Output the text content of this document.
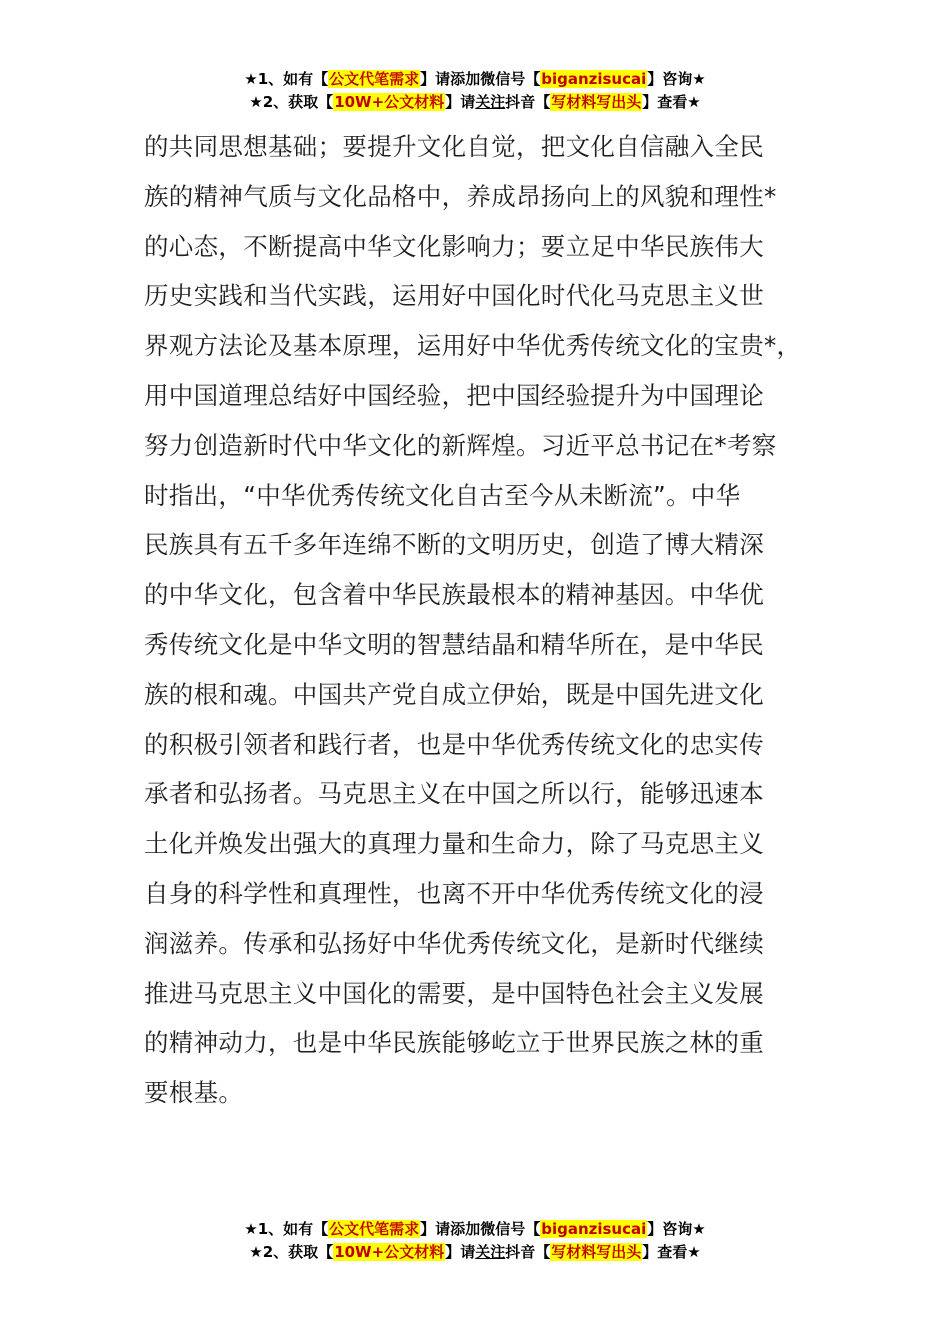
★1、如有【公文代笔需求】请添加微信号【biganzisucai】咨询★
★2、获取【10W+公文材料】请关注抖音【写材料写出头】查看★
的共同思想基础；要提升文化自觉，把文化自信融入全民
族的精神气质与文化品格中，养成昂扬向上的风貌和理性*
的心态，不断提高中华文化影响力；要立足中华民族伟大
历史实践和当代实践，运用好中国化时代化马克思主义世
界观方法论及基本原理，运用好中华优秀传统文化的宝贵*，
用中国道理总结好中国经验，把中国经验提升为中国理论
努力创造新时代中华文化的新辉煌。习近平总书记在*考察
时指出，“中华优秀传统文化自古至今从未断流”。中华
民族具有五千多年连绵不断的文明历史，创造了博大精深
的中华文化，包含着中华民族最根本的精神基因。中华优
秀传统文化是中华文明的智慧结晶和精华所在，是中华民
族的根和魂。中国共产党自成立伊始，既是中国先进文化
的积极引领者和践行者，也是中华优秀传统文化的忠实传
承者和弘扬者。马克思主义在中国之所以行，能够迅速本
土化并焕发出强大的真理力量和生命力，除了马克思主义
自身的科学性和真理性，也离不开中华优秀传统文化的浸
润滋养。传承和弘扬好中华优秀传统文化，是新时代继续
推进马克思主义中国化的需要，是中国特色社会主义发展
的精神动力，也是中华民族能够屹立于世界民族之林的重
要根基。
★1、如有【公文代笔需求】请添加微信号【biganzisucai】咨询★
★2、获取【10W+公文材料】请关注抖音【写材料写出头】查看★
